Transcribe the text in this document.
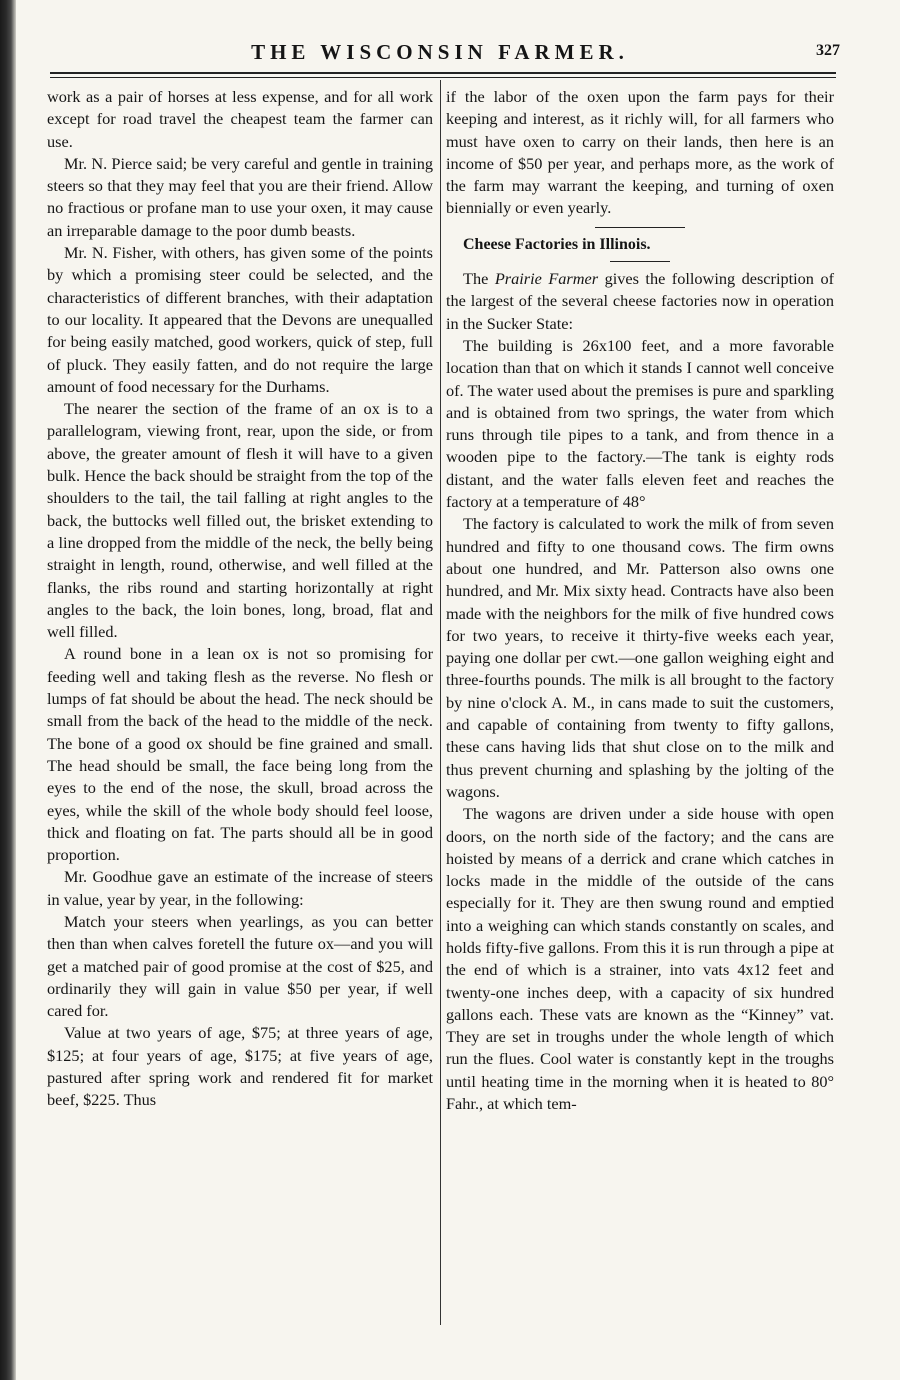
THE WISCONSIN FARMER.	327

work as a pair of horses at less expense, and for all work except for road travel the cheapest team the farmer can use.

Mr. N. Pierce said; be very careful and gentle in training steers so that they may feel that you are their friend. Allow no fractious or profane man to use your oxen, it may cause an irreparable damage to the poor dumb beasts.

Mr. N. Fisher, with others, has given some of the points by which a promising steer could be selected, and the characteristics of different branches, with their adaptation to our locality. It appeared that the Devons are unequalled for being easily matched, good workers, quick of step, full of pluck. They easily fatten, and do not require the large amount of food necessary for the Durhams.

The nearer the section of the frame of an ox is to a parallelogram, viewing front, rear, upon the side, or from above, the greater amount of flesh it will have to a given bulk. Hence the back should be straight from the top of the shoulders to the tail, the tail falling at right angles to the back, the buttocks well filled out, the brisket extending to a line dropped from the middle of the neck, the belly being straight in length, round, otherwise, and well filled at the flanks, the ribs round and starting horizontally at right angles to the back, the loin bones, long, broad, flat and well filled.

A round bone in a lean ox is not so promising for feeding well and taking flesh as the reverse. No flesh or lumps of fat should be about the head. The neck should be small from the back of the head to the middle of the neck. The bone of a good ox should be fine grained and small. The head should be small, the face being long from the eyes to the end of the nose, the skull, broad across the eyes, while the skill of the whole body should feel loose, thick and floating on fat. The parts should all be in good proportion.

Mr. Goodhue gave an estimate of the increase of steers in value, year by year, in the following:

Match your steers when yearlings, as you can better then than when calves foretell the future ox—and you will get a matched pair of good promise at the cost of $25, and ordinarily they will gain in value $50 per year, if well cared for.

Value at two years of age, $75; at three years of age, $125; at four years of age, $175; at five years of age, pastured after spring work and rendered fit for market beef, $225. Thus

if the labor of the oxen upon the farm pays for their keeping and interest, as it richly will, for all farmers who must have oxen to carry on their lands, then here is an income of $50 per year, and perhaps more, as the work of the farm may warrant the keeping, and turning of oxen biennially or even yearly.

Cheese Factories in Illinois.

The Prairie Farmer gives the following description of the largest of the several cheese factories now in operation in the Sucker State:

The building is 26x100 feet, and a more favorable location than that on which it stands I cannot well conceive of. The water used about the premises is pure and sparkling and is obtained from two springs, the water from which runs through tile pipes to a tank, and from thence in a wooden pipe to the factory.—The tank is eighty rods distant, and the water falls eleven feet and reaches the factory at a temperature of 48°

The factory is calculated to work the milk of from seven hundred and fifty to one thousand cows. The firm owns about one hundred, and Mr. Patterson also owns one hundred, and Mr. Mix sixty head. Contracts have also been made with the neighbors for the milk of five hundred cows for two years, to receive it thirty-five weeks each year, paying one dollar per cwt.—one gallon weighing eight and three-fourths pounds. The milk is all brought to the factory by nine o'clock A. M., in cans made to suit the customers, and capable of containing from twenty to fifty gallons, these cans having lids that shut close on to the milk and thus prevent churning and splashing by the jolting of the wagons.

The wagons are driven under a side house with open doors, on the north side of the factory; and the cans are hoisted by means of a derrick and crane which catches in locks made in the middle of the outside of the cans especially for it. They are then swung round and emptied into a weighing can which stands constantly on scales, and holds fifty-five gallons. From this it is run through a pipe at the end of which is a strainer, into vats 4x12 feet and twenty-one inches deep, with a capacity of six hundred gallons each. These vats are known as the “Kinney” vat. They are set in troughs under the whole length of which run the flues. Cool water is constantly kept in the troughs until heating time in the morning when it is heated to 80° Fahr., at which tem-
